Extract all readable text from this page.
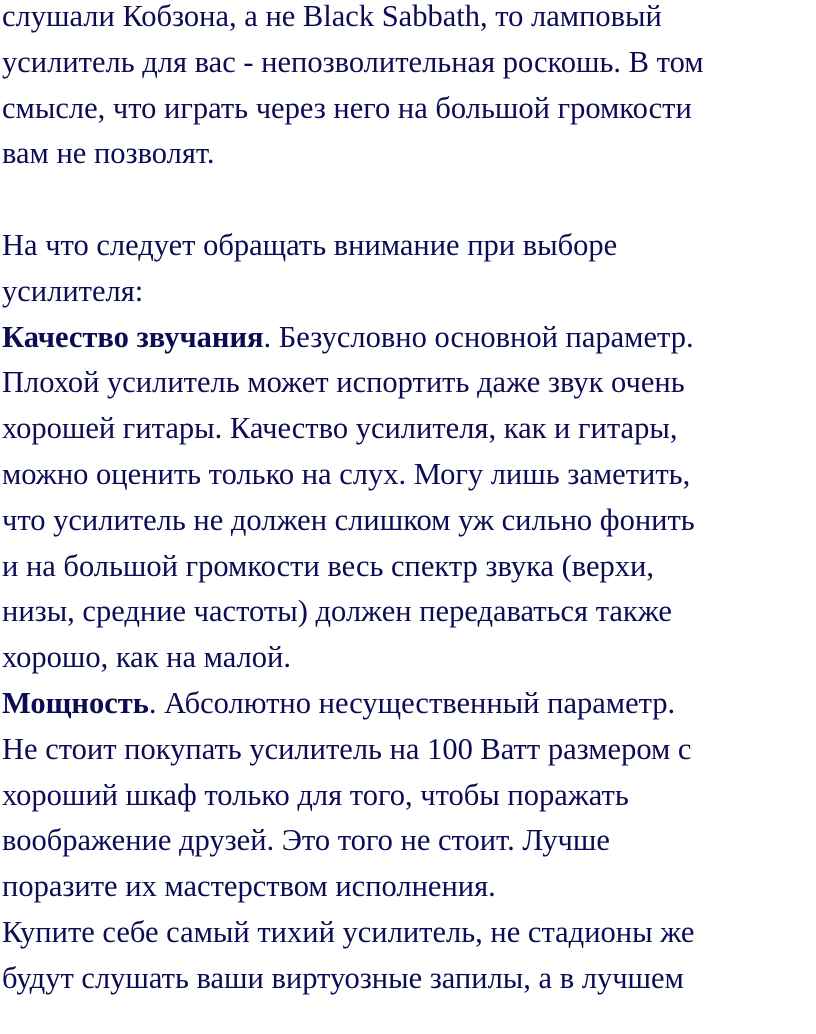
слушали Кобзона, а не Black Sabbath, то ламповый
усилитель для вас - непозволительная роскошь. В том
смысле, что играть через него на большой громкости
вам не позволят.
На что следует обращать внимание при выборе
усилителя:
Качество звучания. Безусловно основной параметр.
Плохой усилитель может испортить даже звук очень
хорошей гитары. Качество усилителя, как и гитары,
можно оценить только на слух. Могу лишь заметить,
что усилитель не должен слишком уж сильно фонить
и на большой громкости весь спектр звука (верхи,
низы, средние частоты) должен передаваться также
хорошо, как на малой.
Мощность. Абсолютно несущественный параметр.
Не стоит покупать усилитель на 100 Ватт размером с
хороший шкаф только для того, чтобы поражать
воображение друзей. Это того не стоит. Лучше
поразите их мастерством исполнения.
Купите себе самый тихий усилитель, не стадионы же
будут слушать ваши виртуозные запилы, а в лучшем
